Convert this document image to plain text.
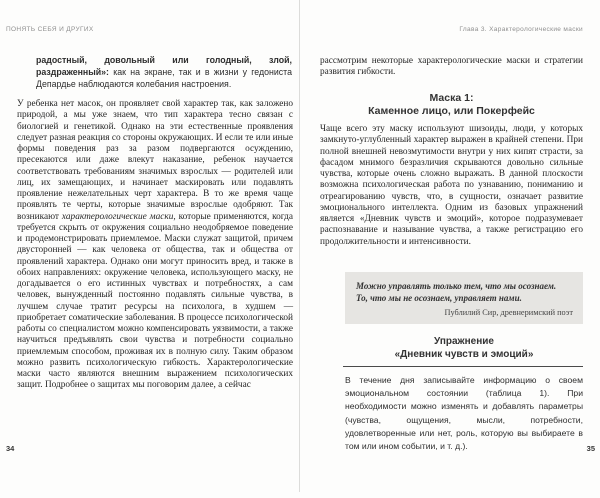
ПОНЯТЬ СЕБЯ И ДРУГИХ
радостный, довольный или голодный, злой, раздраженный»: как на экране, так и в жизни у гедониста Депардье наблюдаются колебания настроения.
У ребенка нет масок, он проявляет свой характер так, как заложено природой, а мы уже знаем, что тип характера тесно связан с биологией и генетикой. Однако на эти естественные проявления следует разная реакция со стороны окружающих. И если те или иные формы поведения раз за разом подвергаются осуждению, пресекаются или даже влекут наказание, ребенок научается соответствовать требованиям значимых взрослых — родителей или лиц, их замещающих, и начинает маскировать или подавлять проявление нежелательных черт характера. В то же время чаще проявлять те черты, которые значимые взрослые одобряют. Так возникают характерологические маски, которые применяются, когда требуется скрыть от окружения социально неодобряемое поведение и продемонстрировать приемлемое. Маски служат защитой, причем двусторонней — как человека от общества, так и общества от проявлений характера. Однако они могут приносить вред, и также в обоих направлениях: окружение человека, использующего маску, не догадывается о его истинных чувствах и потребностях, а сам человек, вынужденный постоянно подавлять сильные чувства, в лучшем случае тратит ресурсы на психолога, в худшем — приобретает соматические заболевания. В процессе психологической работы со специалистом можно компенсировать уязвимости, а также научиться предъявлять свои чувства и потребности социально приемлемым способом, проживая их в полную силу. Таким образом можно развить психологическую гибкость. Характерологические маски часто являются внешним выражением психологических защит. Подробнее о защитах мы поговорим далее, а сейчас
34
Глава 3. Характерологические маски
рассмотрим некоторые характерологические маски и стратегии развития гибкости.
Маска 1:
Каменное лицо, или Покерфейс
Чаще всего эту маску используют шизоиды, люди, у которых замкнуто-углубленный характер выражен в крайней степени. При полной внешней невозмутимости внутри у них кипят страсти, за фасадом мнимого безразличия скрываются довольно сильные чувства, которые очень сложно выражать. В данной плоскости возможна психологическая работа по узнаванию, пониманию и отреагированию чувств, что, в сущности, означает развитие эмоционального интеллекта. Одним из базовых упражнений является «Дневник чувств и эмоций», которое подразумевает распознавание и называние чувства, а также регистрацию его продолжительности и интенсивности.
Можно управлять только тем, что мы осознаем.
То, что мы не осознаем, управляет нами.
Публилий Сир, древнеримский поэт
Упражнение
«Дневник чувств и эмоций»
В течение дня записывайте информацию о своем эмоциональном состоянии (таблица 1). При необходимости можно изменять и добавлять параметры (чувства, ощущения, мысли, потребности, удовлетворенные или нет, роль, которую вы выбираете в том или ином событии, и т. д.).	35
